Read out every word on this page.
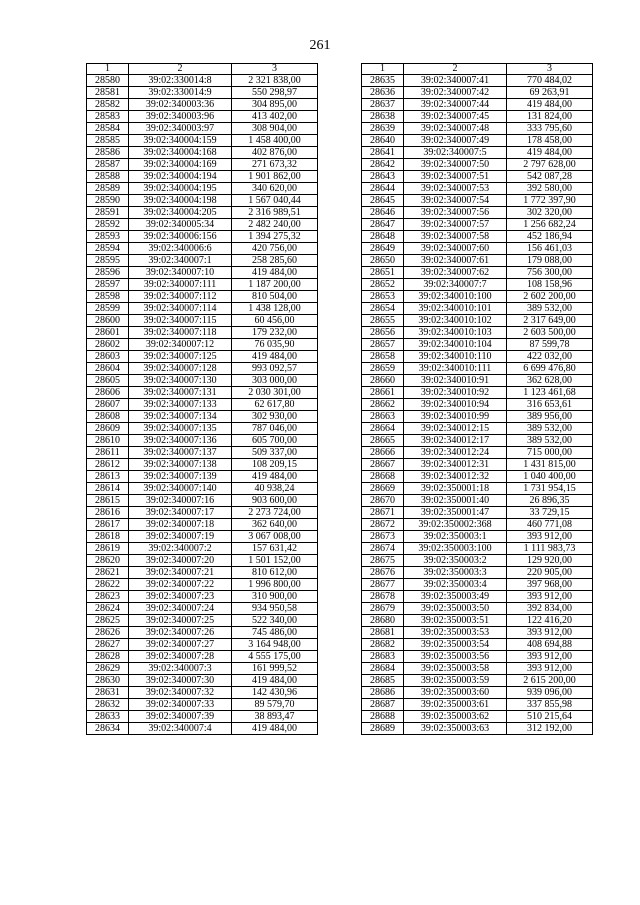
261
1	2	3
28580	39:02:330014:8	2 321 838,00
28581	39:02:330014:9	550 298,97
28582	39:02:340003:36	304 895,00
28583	39:02:340003:96	413 402,00
28584	39:02:340003:97	308 904,00
28585	39:02:340004:159	1 458 400,00
28586	39:02:340004:168	402 876,00
28587	39:02:340004:169	271 673,32
28588	39:02:340004:194	1 901 862,00
28589	39:02:340004:195	340 620,00
28590	39:02:340004:198	1 567 040,44
28591	39:02:340004:205	2 316 989,51
28592	39:02:340005:34	2 482 240,00
28593	39:02:340006:156	1 394 275,32
28594	39:02:340006:6	420 756,00
28595	39:02:340007:1	258 285,60
28596	39:02:340007:10	419 484,00
28597	39:02:340007:111	1 187 200,00
28598	39:02:340007:112	810 504,00
28599	39:02:340007:114	1 438 128,00
28600	39:02:340007:115	60 456,00
28601	39:02:340007:118	179 232,00
28602	39:02:340007:12	76 035,90
28603	39:02:340007:125	419 484,00
28604	39:02:340007:128	993 092,57
28605	39:02:340007:130	303 000,00
28606	39:02:340007:131	2 030 301,00
28607	39:02:340007:133	62 617,80
28608	39:02:340007:134	302 930,00
28609	39:02:340007:135	787 046,00
28610	39:02:340007:136	605 700,00
28611	39:02:340007:137	509 337,00
28612	39:02:340007:138	108 209,15
28613	39:02:340007:139	419 484,00
28614	39:02:340007:140	40 938,24
28615	39:02:340007:16	903 600,00
28616	39:02:340007:17	2 273 724,00
28617	39:02:340007:18	362 640,00
28618	39:02:340007:19	3 067 008,00
28619	39:02:340007:2	157 631,42
28620	39:02:340007:20	1 501 152,00
28621	39:02:340007:21	810 612,00
28622	39:02:340007:22	1 996 800,00
28623	39:02:340007:23	310 900,00
28624	39:02:340007:24	934 950,58
28625	39:02:340007:25	522 340,00
28626	39:02:340007:26	745 486,00
28627	39:02:340007:27	3 164 948,00
28628	39:02:340007:28	4 555 175,00
28629	39:02:340007:3	161 999,52
28630	39:02:340007:30	419 484,00
28631	39:02:340007:32	142 430,96
28632	39:02:340007:33	89 579,70
28633	39:02:340007:39	38 893,47
28634	39:02:340007:4	419 484,00
1	2	3
28635	39:02:340007:41	770 484,02
28636	39:02:340007:42	69 263,91
28637	39:02:340007:44	419 484,00
28638	39:02:340007:45	131 824,00
28639	39:02:340007:48	333 795,60
28640	39:02:340007:49	178 458,00
28641	39:02:340007:5	419 484,00
28642	39:02:340007:50	2 797 628,00
28643	39:02:340007:51	542 087,28
28644	39:02:340007:53	392 580,00
28645	39:02:340007:54	1 772 397,90
28646	39:02:340007:56	302 320,00
28647	39:02:340007:57	1 256 682,24
28648	39:02:340007:58	452 186,94
28649	39:02:340007:60	156 461,03
28650	39:02:340007:61	179 088,00
28651	39:02:340007:62	756 300,00
28652	39:02:340007:7	108 158,96
28653	39:02:340010:100	2 602 200,00
28654	39:02:340010:101	389 532,00
28655	39:02:340010:102	2 317 649,00
28656	39:02:340010:103	2 603 500,00
28657	39:02:340010:104	87 599,78
28658	39:02:340010:110	422 032,00
28659	39:02:340010:111	6 699 476,80
28660	39:02:340010:91	362 628,00
28661	39:02:340010:92	1 123 461,68
28662	39:02:340010:94	316 653,61
28663	39:02:340010:99	389 956,00
28664	39:02:340012:15	389 532,00
28665	39:02:340012:17	389 532,00
28666	39:02:340012:24	715 000,00
28667	39:02:340012:31	1 431 815,00
28668	39:02:340012:32	1 040 400,00
28669	39:02:350001:18	1 731 954,15
28670	39:02:350001:40	26 896,35
28671	39:02:350001:47	33 729,15
28672	39:02:350002:368	460 771,08
28673	39:02:350003:1	393 912,00
28674	39:02:350003:100	1 111 983,73
28675	39:02:350003:2	129 920,00
28676	39:02:350003:3	220 905,00
28677	39:02:350003:4	397 968,00
28678	39:02:350003:49	393 912,00
28679	39:02:350003:50	392 834,00
28680	39:02:350003:51	122 416,20
28681	39:02:350003:53	393 912,00
28682	39:02:350003:54	408 694,88
28683	39:02:350003:56	393 912,00
28684	39:02:350003:58	393 912,00
28685	39:02:350003:59	2 615 200,00
28686	39:02:350003:60	939 096,00
28687	39:02:350003:61	337 855,98
28688	39:02:350003:62	510 215,64
28689	39:02:350003:63	312 192,00
